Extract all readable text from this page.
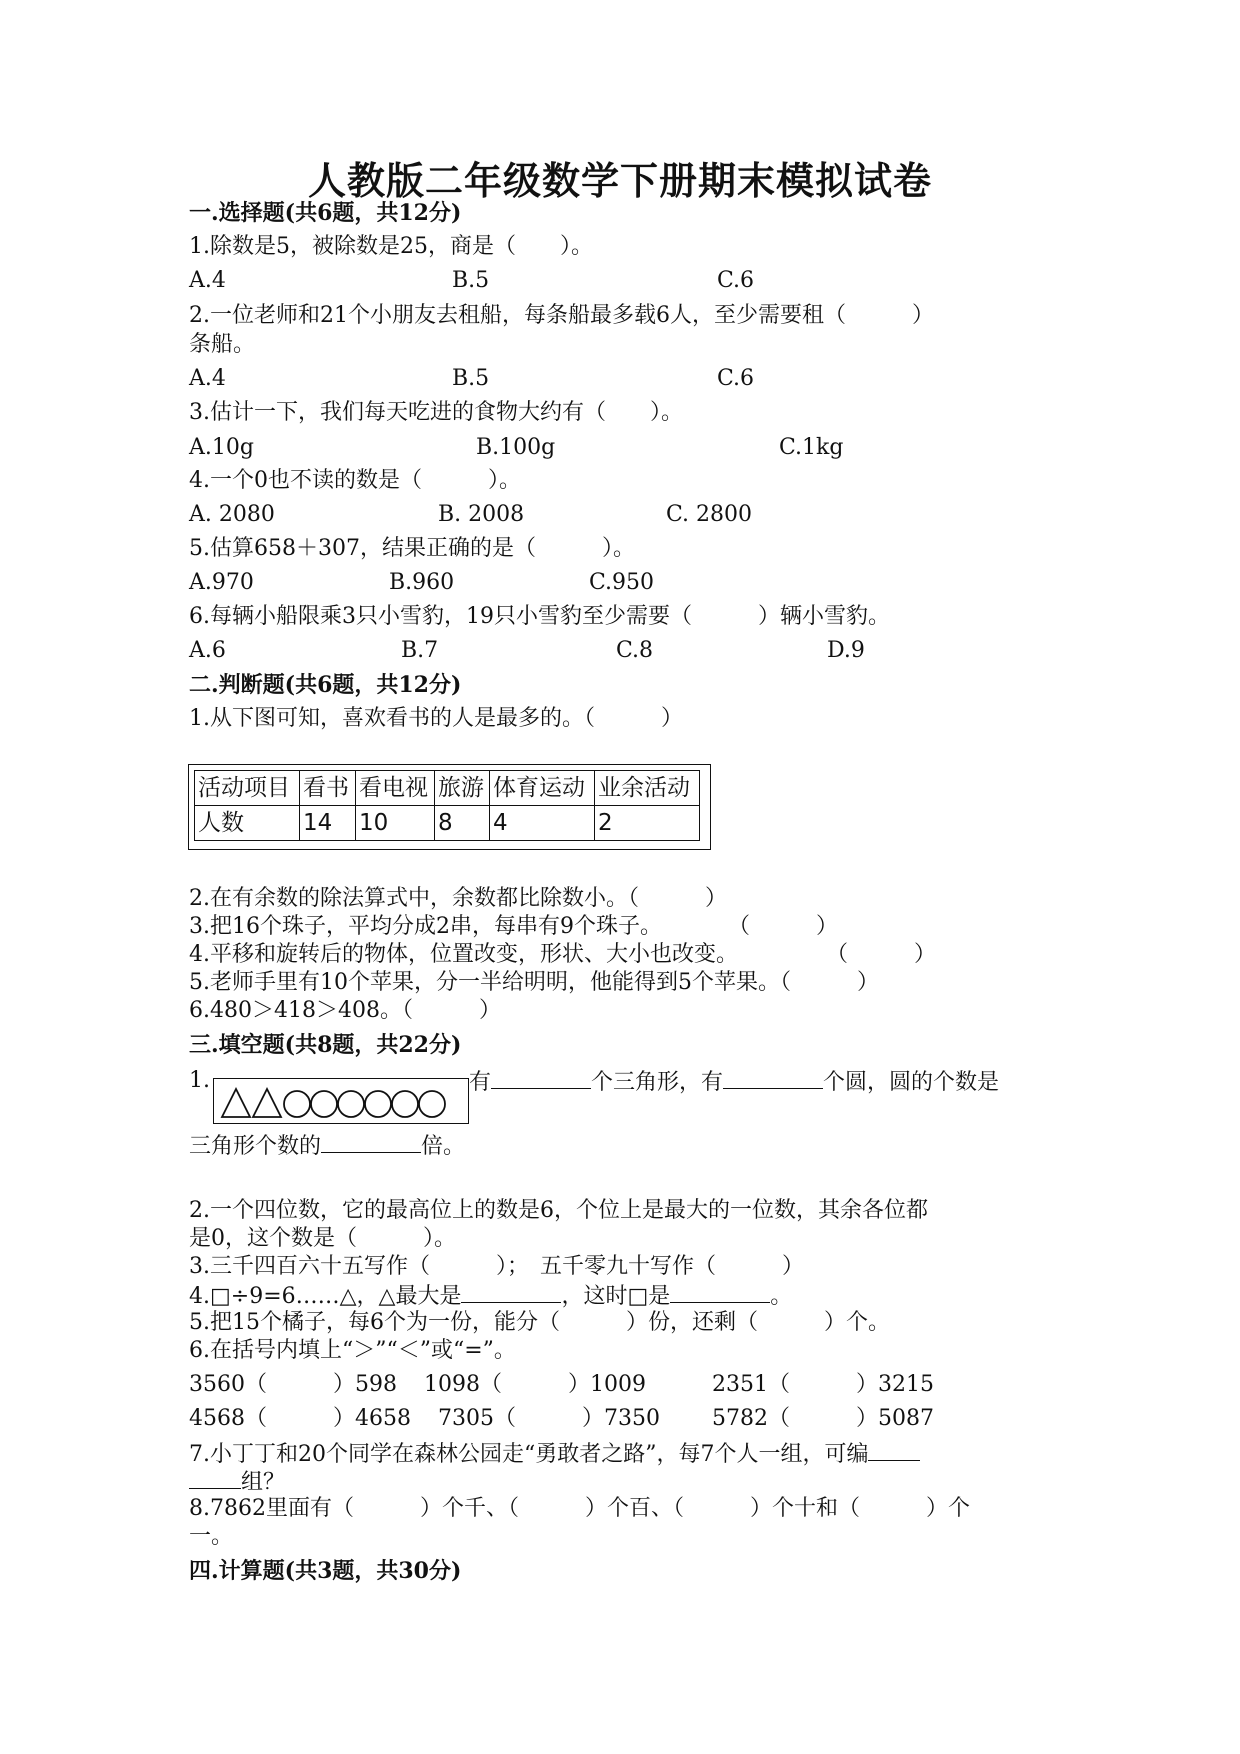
人教版二年级数学下册期末模拟试卷
一.选择题(共6题，共12分)
1.除数是5，被除数是25，商是（　　）。
A.4	B.5	C.6
2.一位老师和21个小朋友去租船，每条船最多载6人，至少需要租（　　　）
条船。
A.4	B.5	C.6
3.估计一下，我们每天吃进的食物大约有（　　）。
A.10g	B.100g	C.1kg
4.一个0也不读的数是（　　　）。
A. 2080	B. 2008	C. 2800
5.估算658＋307，结果正确的是（　　　）。
A.970	B.960	C.950
6.每辆小船限乘3只小雪豹，19只小雪豹至少需要（　　　）辆小雪豹。
A.6	B.7	C.8	D.9
二.判断题(共6题，共12分)
1.从下图可知，喜欢看书的人是最多的。（　　　）
活动项目	看书	看电视	旅游	体育运动	业余活动
人数	14	10	8	4	2
2.在有余数的除法算式中，余数都比除数小。（　　　）
3.把16个珠子，平均分成2串，每串有9个珠子。　　　　（　　　）
4.平移和旋转后的物体，位置改变，形状、大小也改变。　　　　　（　　　）
5.老师手里有10个苹果，分一半给明明，他能得到5个苹果。（　　　）
6.480＞418＞408。（　　　）
三.填空题(共8题，共22分)
1.	有	个三角形，有	个圆，圆的个数是
三角形个数的	倍。
2.一个四位数，它的最高位上的数是6，个位上是最大的一位数，其余各位都
是0，这个数是（　　　）。
3.三千四百六十五写作（　　　）；　五千零九十写作（　　　）
4.□÷9=6……△，△最大是	，这时□是	。
5.把15个橘子，每6个为一份，能分（　　　）份，还剩（　　　）个。
6.在括号内填上“＞”“＜”或“=”。
3560（　　　）598 1098（　　　）1009	2351（　　　）3215
4568（　　　）4658 7305（　　　）7350 5782（　　　）5087
7.小丁丁和20个同学在森林公园走“勇敢者之路”，每7个人一组，可编
组？
8.7862里面有（　　　）个千、（　　　）个百、（　　　）个十和（　　　）个
一。
四.计算题(共3题，共30分)
